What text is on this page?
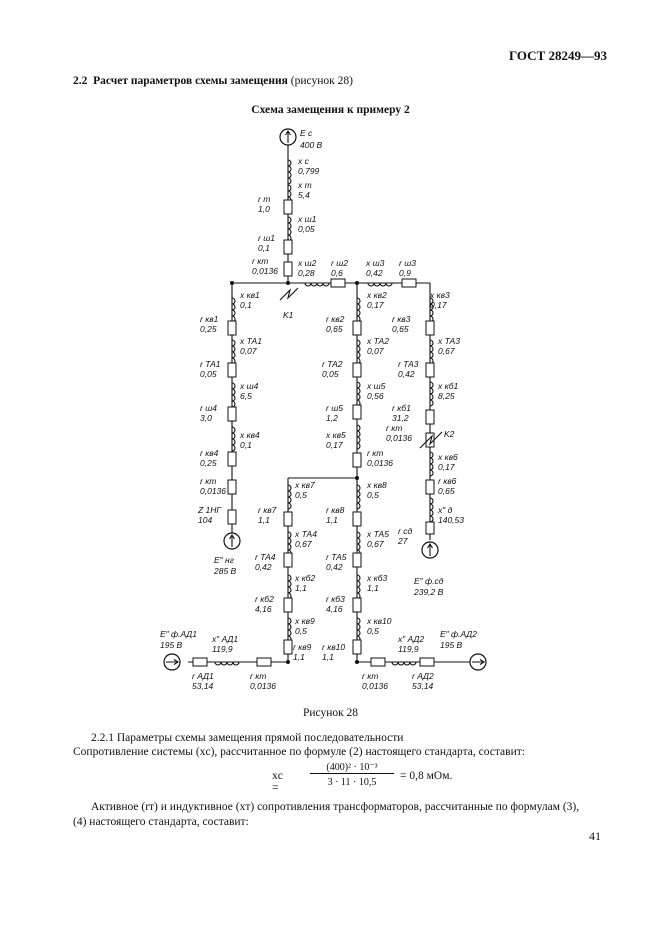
ГОСТ 28249—93
2.2 Расчет параметров схемы замещения (рисунок 28)
Схема замещения к примеру 2
E c
400 В
x c
0,799
x т
5,4
r т
1,0
x ш1
0,05
r ш1
0,1
r кт
0,0136
x ш2
0,28
r ш2
0,6
x ш3
0,42
r ш3
0,9
x кв1
0,1
K1
r кв1
0,25
x ТА1
0,07
r ТА1
0,05
x ш4
6,5
r ш4
3,0
x кв4
0,1
r кв4
0,25
r кт
0,0136
Z 1НГ
104
E″ нг
285 В
x кв2
0,17
r кв2
0,65
x ТА2
0,07
r ТА2
0,05
x ш5
0,56
r ш5
1,2
x кв5
0,17
r кт
0,0136
x кв3
0,17
r кв3
0,65
x ТА3
0,67
r ТА3
0,42
x кб1
8,25
r кб1
31,2
r кт
0,0136	K2
x кв6
0,17
r кв6
0,65
x″ д
140,53
r сд
27
E″ ф.сд
239,2 В
x кв7
0,5
r кв7
1,1
x ТА4
0,67
r ТА4
0,42
x кб2
1,1
r кб2
4,16
x кв9
0,5
r кв9
1,1
x кв8
0,5
r кв8
1,1
x ТА5
0,67
r ТА5
0,42
x кб3
1,1
r кб3
4,16
x кв10
0,5
r кв10
1,1
E″ ф.АД1
195 В
x″ АД1
119,9
r АД1
53,14
r кт
0,0136
x″ АД2
119,9
E″ ф.АД2
195 В
r кт
0,0136
r АД2
53,14
Рисунок 28
2.2.1 Параметры схемы замещения прямой последовательности
Сопротивление системы (xс), рассчитанное по формуле (2) настоящего стандарта, составит:
xс =
(400)² · 10⁻³
3 · 11 · 10,5
= 0,8 мОм.
Активное (rт) и индуктивное (xт) сопротивления трансформаторов, рассчитанные по формулам (3), (4) настоящего стандарта, составит:
41
